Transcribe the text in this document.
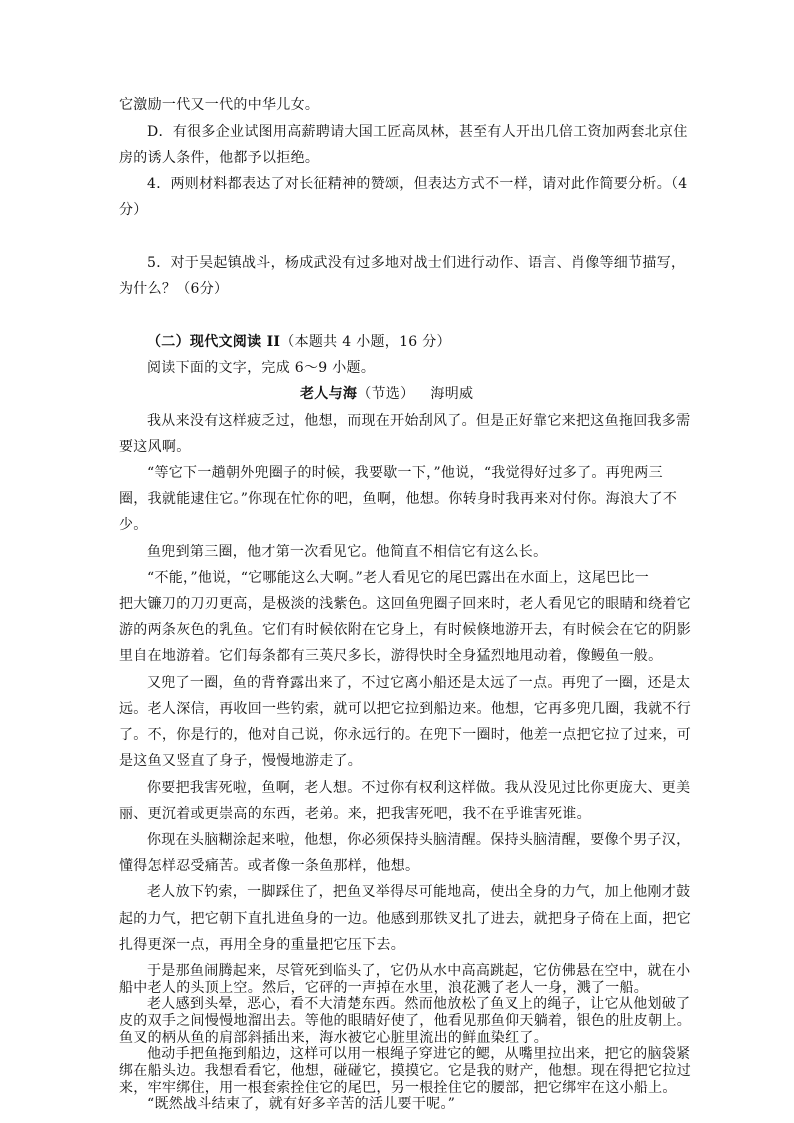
它激励一代又一代的中华儿女。
D．有很多企业试图用高薪聘请大国工匠高凤林，甚至有人开出几倍工资加两套北京住
房的诱人条件，他都予以拒绝。
4．两则材料都表达了对长征精神的赞颂，但表达方式不一样，请对此作简要分析。（4
分）
5．对于吴起镇战斗，杨成武没有过多地对战士们进行动作、语言、肖像等细节描写，
为什么？（6分）
（二）现代文阅读 II（本题共 4 小题，16 分）
阅读下面的文字，完成 6～9 小题。
老人与海（节选） 海明威
我从来没有这样疲乏过，他想，而现在开始刮风了。但是正好靠它来把这鱼拖回我多需
要这风啊。
“等它下一趟朝外兜圈子的时候，我要歇一下，”他说，“我觉得好过多了。再兜两三
圈，我就能逮住它。”你现在忙你的吧，鱼啊，他想。你转身时我再来对付你。海浪大了不
少。
鱼兜到第三圈，他才第一次看见它。他简直不相信它有这么长。
“不能，”他说，“它哪能这么大啊。”老人看见它的尾巴露出在水面上，这尾巴比一
把大镰刀的刀刃更高，是极淡的浅紫色。这回鱼兜圈子回来时，老人看见它的眼睛和绕着它
游的两条灰色的乳鱼。它们有时候依附在它身上，有时候倏地游开去，有时候会在它的阴影
里自在地游着。它们每条都有三英尺多长，游得快时全身猛烈地甩动着，像鳗鱼一般。
又兜了一圈，鱼的背脊露出来了，不过它离小船还是太远了一点。再兜了一圈，还是太
远。老人深信，再收回一些钓索，就可以把它拉到船边来。他想，它再多兜几圈，我就不行
了。不，你是行的，他对自己说，你永远行的。在兜下一圈时，他差一点把它拉了过来，可
是这鱼又竖直了身子，慢慢地游走了。
你要把我害死啦，鱼啊，老人想。不过你有权利这样做。我从没见过比你更庞大、更美
丽、更沉着或更崇高的东西，老弟。来，把我害死吧，我不在乎谁害死谁。
你现在头脑糊涂起来啦，他想，你必须保持头脑清醒。保持头脑清醒，要像个男子汉，
懂得怎样忍受痛苦。或者像一条鱼那样，他想。
老人放下钓索，一脚踩住了，把鱼叉举得尽可能地高，使出全身的力气，加上他刚才鼓
起的力气，把它朝下直扎进鱼身的一边。他感到那铁叉扎了进去，就把身子倚在上面，把它
扎得更深一点，再用全身的重量把它压下去。
于是那鱼闹腾起来，尽管死到临头了，它仍从水中高高跳起，它仿佛悬在空中，就在小
船中老人的头顶上空。然后，它砰的一声掉在水里，浪花溅了老人一身，溅了一船。
老人感到头晕，恶心，看不大清楚东西。然而他放松了鱼叉上的绳子，让它从他划破了
皮的双手之间慢慢地溜出去。等他的眼睛好使了，他看见那鱼仰天躺着，银色的肚皮朝上。
鱼叉的柄从鱼的肩部斜插出来，海水被它心脏里流出的鲜血染红了。
他动手把鱼拖到船边，这样可以用一根绳子穿进它的鳃，从嘴里拉出来，把它的脑袋紧
绑在船头边。我想看看它，他想，碰碰它，摸摸它。它是我的财产，他想。现在得把它拉过
来，牢牢绑住，用一根套索拴住它的尾巴，另一根拴住它的腰部，把它绑牢在这小船上。
“既然战斗结束了，就有好多辛苦的活儿要干呢。”
